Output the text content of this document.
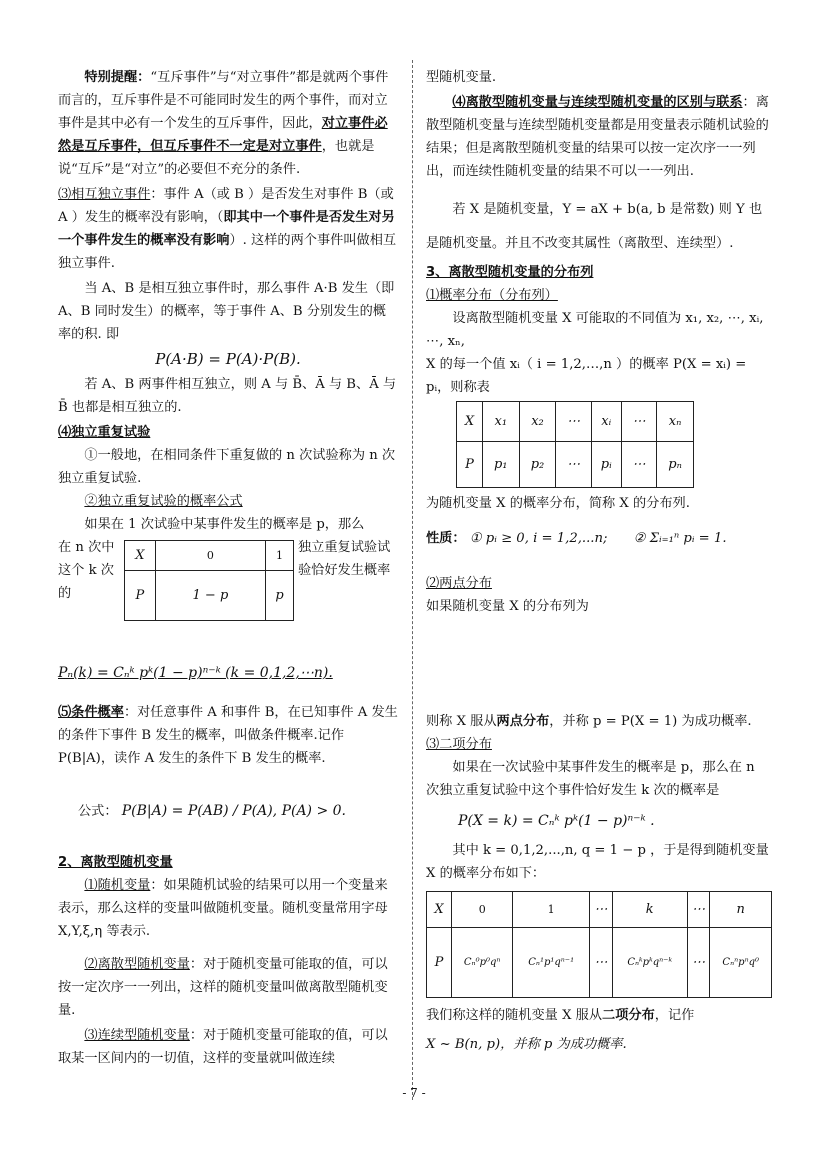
特别提醒：“互斥事件”与“对立事件”都是就两个事件而言的，互斥事件是不可能同时发生的两个事件，而对立事件是其中必有一个发生的互斥事件，因此，对立事件必然是互斥事件，但互斥事件不一定是对立事件，也就是说“互斥”是“对立”的必要但不充分的条件.

⑶相互独立事件：事件 A（或 B ）是否发生对事件 B（或 A ）发生的概率没有影响，（即其中一个事件是否发生对另一个事件发生的概率没有影响）. 这样的两个事件叫做相互独立事件.

当 A、B 是相互独立事件时，那么事件 A·B 发生（即 A、B 同时发生）的概率，等于事件 A、B 分别发生的概率的积. 即

P(A·B) = P(A)·P(B).

若 A、B 两事件相互独立，则 A 与 B̄、Ā 与 B、Ā 与 B̄ 也都是相互独立的.

⑷独立重复试验

①一般地，在相同条件下重复做的 n 次试验称为 n 次独立重复试验.

②独立重复试验的概率公式

如果在 1 次试验中某事件发生的概率是 p，那么

在 n 次中这个 k 次的
X	0	1
P	1 − p	p
独立重复试验试验恰好发生概率

Pₙ(k) = Cₙᵏ pᵏ(1 − p)ⁿ⁻ᵏ (k = 0,1,2,⋯n).

⑸条件概率：对任意事件 A 和事件 B，在已知事件 A 发生的条件下事件 B 发生的概率，叫做条件概率.记作 P(B|A)，读作 A 发生的条件下 B 发生的概率.

公式： P(B|A) = P(AB) / P(A), P(A) > 0.

2、离散型随机变量

⑴随机变量：如果随机试验的结果可以用一个变量来表示，那么这样的变量叫做随机变量。随机变量常用字母 X,Y,ξ,η 等表示.

⑵离散型随机变量：对于随机变量可能取的值，可以按一定次序一一列出，这样的随机变量叫做离散型随机变量.

⑶连续型随机变量：对于随机变量可能取的值，可以取某一区间内的一切值，这样的变量就叫做连续

型随机变量.

⑷离散型随机变量与连续型随机变量的区别与联系：离散型随机变量与连续型随机变量都是用变量表示随机试验的结果；但是离散型随机变量的结果可以按一定次序一一列出，而连续性随机变量的结果不可以一一列出.

若 X 是随机变量，Y = aX + b(a, b 是常数) 则 Y 也是随机变量。并且不改变其属性（离散型、连续型）.

3、离散型随机变量的分布列

⑴概率分布（分布列）

设离散型随机变量 X 可能取的不同值为 x₁, x₂, ⋯, xᵢ, ⋯, xₙ,

X 的每一个值 xᵢ（ i = 1,2,…,n ）的概率 P(X = xᵢ) = pᵢ，则称表

X	x₁	x₂	⋯	xᵢ	⋯	xₙ
P	p₁	p₂	⋯	pᵢ	⋯	pₙ

为随机变量 X 的概率分布，简称 X 的分布列.

性质： ① pᵢ ≥ 0, i = 1,2,...n; ② Σᵢ₌₁ⁿ pᵢ = 1.

⑵两点分布

如果随机变量 X 的分布列为

则称 X 服从两点分布，并称 p = P(X = 1) 为成功概率.

⑶二项分布

如果在一次试验中某事件发生的概率是 p，那么在 n 次独立重复试验中这个事件恰好发生 k 次的概率是

P(X = k) = Cₙᵏ pᵏ(1 − p)ⁿ⁻ᵏ .

其中 k = 0,1,2,...,n, q = 1 − p ，于是得到随机变量 X 的概率分布如下：

X	0	1	⋯	k	⋯	n
P	Cₙ⁰p⁰qⁿ	Cₙ¹p¹qⁿ⁻¹	⋯	Cₙᵏpᵏqⁿ⁻ᵏ	⋯	Cₙⁿpⁿq⁰

我们称这样的随机变量 X 服从二项分布，记作

X ~ B(n, p)，并称 p 为成功概率.

- 7 -
